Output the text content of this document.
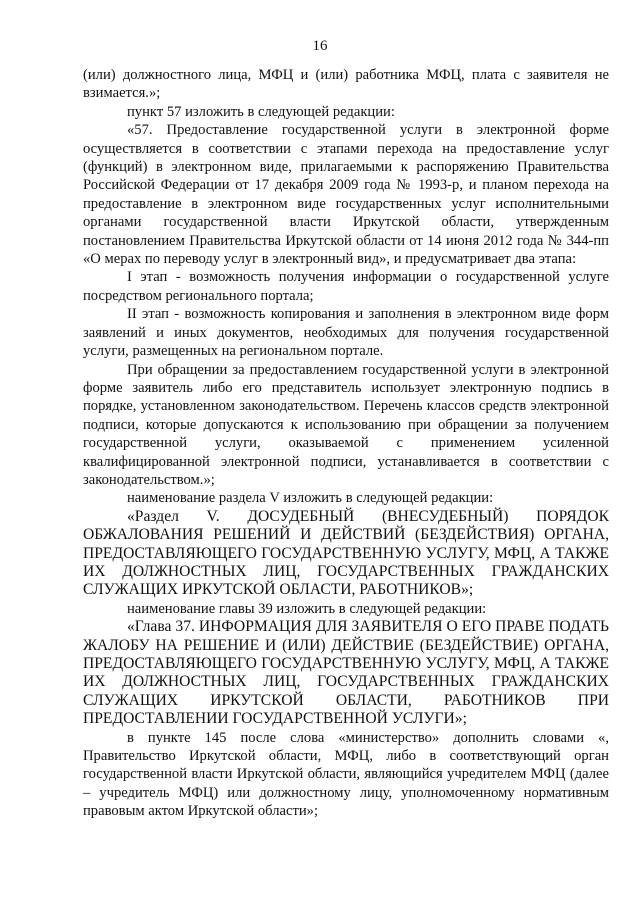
16

(или) должностного лица, МФЦ и (или) работника МФЦ, плата с заявителя не взимается.»;

пункт 57 изложить в следующей редакции:

«57. Предоставление государственной услуги в электронной форме осуществляется в соответствии с этапами перехода на предоставление услуг (функций) в электронном виде, прилагаемыми к распоряжению Правительства Российской Федерации от 17 декабря 2009 года № 1993-р, и планом перехода на предоставление в электронном виде государственных услуг исполнительными органами государственной власти Иркутской области, утвержденным постановлением Правительства Иркутской области от 14 июня 2012 года № 344-пп «О мерах по переводу услуг в электронный вид», и предусматривает два этапа:

I этап - возможность получения информации о государственной услуге посредством регионального портала;

II этап - возможность копирования и заполнения в электронном виде форм заявлений и иных документов, необходимых для получения государственной услуги, размещенных на региональном портале.

При обращении за предоставлением государственной услуги в электронной форме заявитель либо его представитель использует электронную подпись в порядке, установленном законодательством. Перечень классов средств электронной подписи, которые допускаются к использованию при обращении за получением государственной услуги, оказываемой с применением усиленной квалифицированной электронной подписи, устанавливается в соответствии с законодательством.»;

наименование раздела V изложить в следующей редакции:

«Раздел V. ДОСУДЕБНЫЙ (ВНЕСУДЕБНЫЙ) ПОРЯДОК ОБЖАЛОВАНИЯ РЕШЕНИЙ И ДЕЙСТВИЙ (БЕЗДЕЙСТВИЯ) ОРГАНА, ПРЕДОСТАВЛЯЮЩЕГО ГОСУДАРСТВЕННУЮ УСЛУГУ, МФЦ, А ТАКЖЕ ИХ ДОЛЖНОСТНЫХ ЛИЦ, ГОСУДАРСТВЕННЫХ ГРАЖДАНСКИХ СЛУЖАЩИХ ИРКУТСКОЙ ОБЛАСТИ, РАБОТНИКОВ»;

наименование главы 39 изложить в следующей редакции:

«Глава 37. ИНФОРМАЦИЯ ДЛЯ ЗАЯВИТЕЛЯ О ЕГО ПРАВЕ ПОДАТЬ ЖАЛОБУ НА РЕШЕНИЕ И (ИЛИ) ДЕЙСТВИЕ (БЕЗДЕЙСТВИЕ) ОРГАНА, ПРЕДОСТАВЛЯЮЩЕГО ГОСУДАРСТВЕННУЮ УСЛУГУ, МФЦ, А ТАКЖЕ ИХ ДОЛЖНОСТНЫХ ЛИЦ, ГОСУДАРСТВЕННЫХ ГРАЖДАНСКИХ СЛУЖАЩИХ ИРКУТСКОЙ ОБЛАСТИ, РАБОТНИКОВ ПРИ ПРЕДОСТАВЛЕНИИ ГОСУДАРСТВЕННОЙ УСЛУГИ»;

в пункте 145 после слова «министерство» дополнить словами «, Правительство Иркутской области, МФЦ, либо в соответствующий орган государственной власти Иркутской области, являющийся учредителем МФЦ (далее – учредитель МФЦ) или должностному лицу, уполномоченному нормативным правовым актом Иркутской области»;
